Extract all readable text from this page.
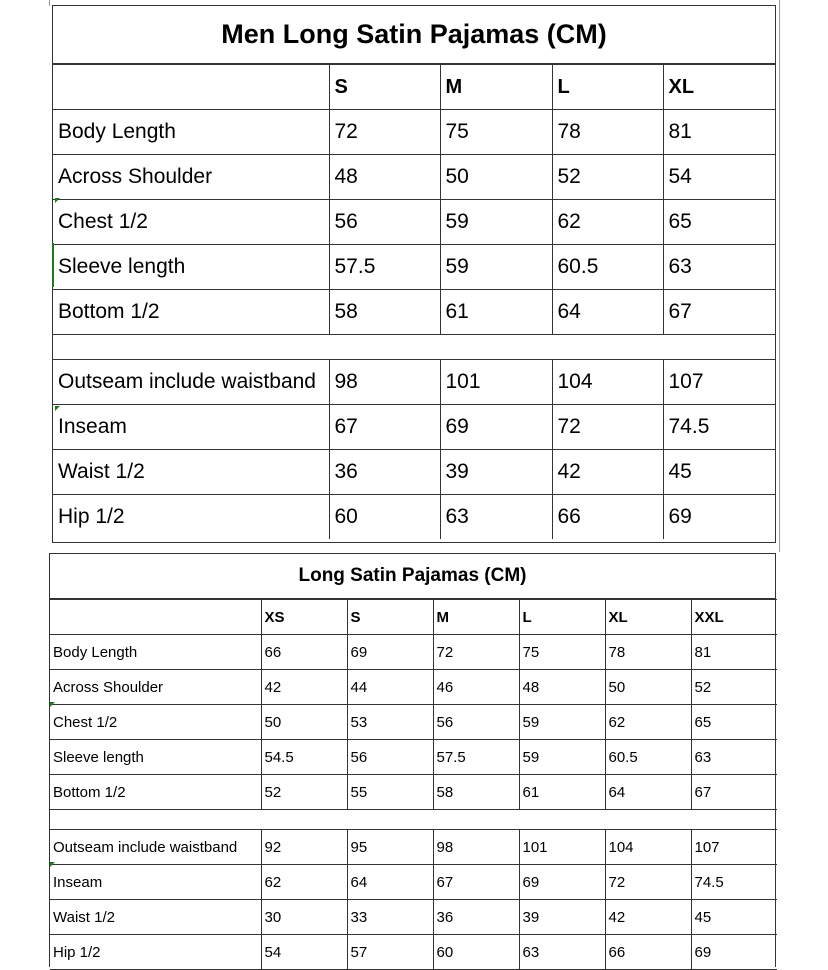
Men Long Satin Pajamas (CM)
	S	M	L	XL
Body Length	72	75	78	81
Across Shoulder	48	50	52	54
Chest 1/2	56	59	62	65
Sleeve length	57.5	59	60.5	63
Bottom 1/2	58	61	64	67

Outseam include waistband	98	101	104	107
Inseam	67	69	72	74.5
Waist 1/2	36	39	42	45
Hip 1/2	60	63	66	69
Long Satin Pajamas (CM)
	XS	S	M	L	XL	XXL
Body Length	66	69	72	75	78	81
Across Shoulder	42	44	46	48	50	52
Chest 1/2	50	53	56	59	62	65
Sleeve length	54.5	56	57.5	59	60.5	63
Bottom 1/2	52	55	58	61	64	67

Outseam include waistband	92	95	98	101	104	107
Inseam	62	64	67	69	72	74.5
Waist 1/2	30	33	36	39	42	45
Hip 1/2	54	57	60	63	66	69
